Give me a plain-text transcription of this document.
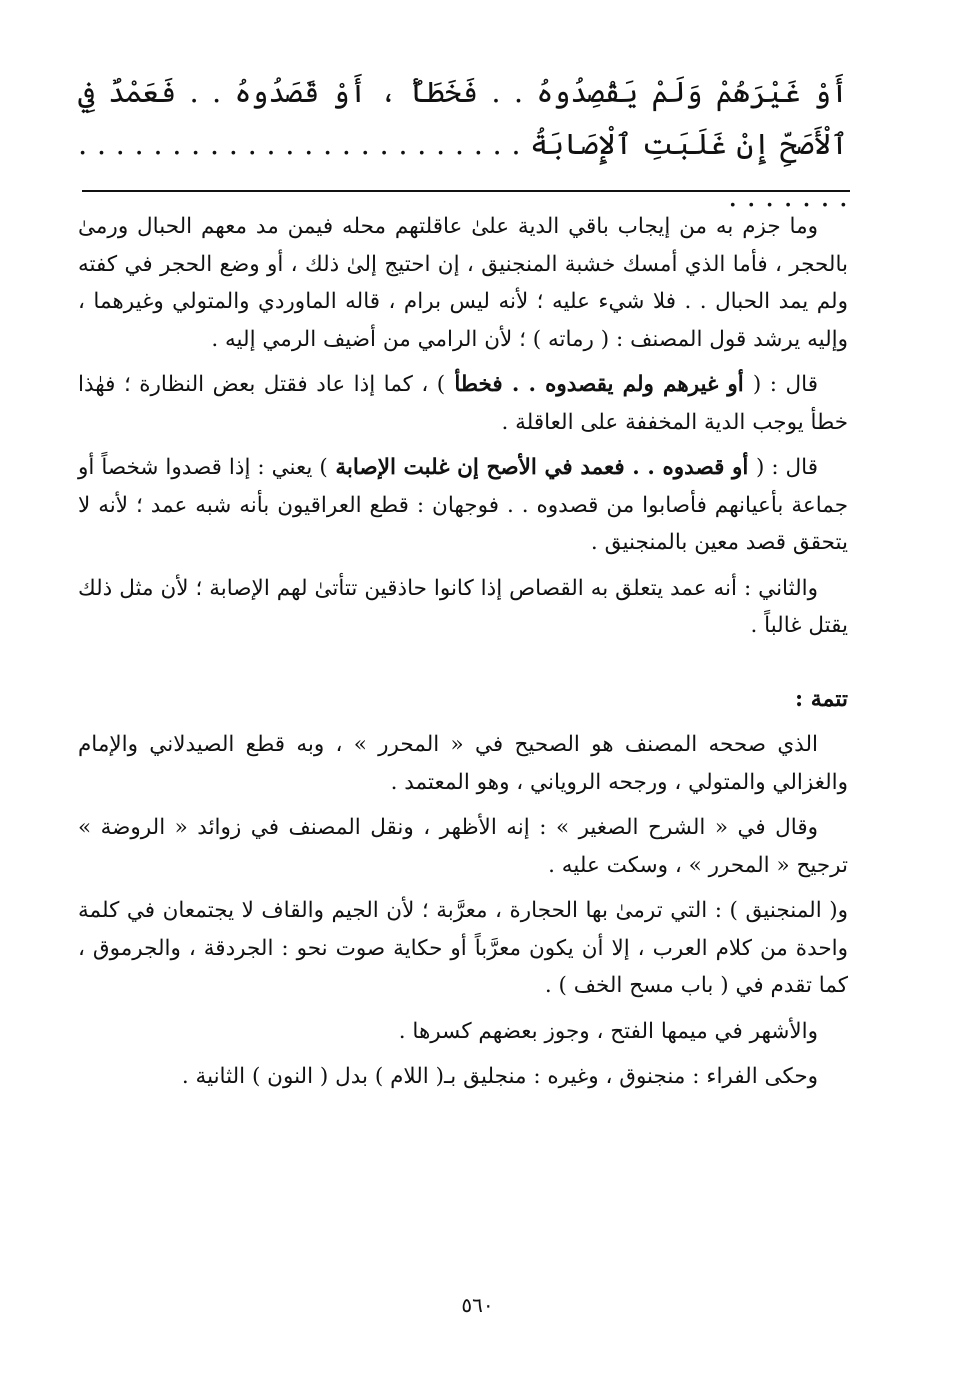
أَوْ غَيْرَهُمْ وَلَمْ يَقْصِدُوهُ . . فَخَطَأٌ ، أَوْ قَصَدُوهُ . . فَعَمْدٌ فِي ٱلْأَصَحِّ إِنْ غَلَبَتِ ٱلْإِصَابَةُ . . . . . . . . . . . . . . . . . . . . . . . . . . . . . . .

وما جزم به من إيجاب باقي الدية علىٰ عاقلتهم محله فيمن مد معهم الحبال ورمىٰ بالحجر ، فأما الذي أمسك خشبة المنجنيق ، إن احتيج إلىٰ ذلك ، أو وضع الحجر في كفته ولم يمد الحبال . . فلا شيء عليه ؛ لأنه ليس برام ، قاله الماوردي والمتولي وغيرهما ، وإليه يرشد قول المصنف : ( رماته ) ؛ لأن الرامي من أضيف الرمي إليه .

قال : ( أو غيرهم ولم يقصدوه . . فخطأ ) ، كما إذا عاد فقتل بعض النظارة ؛ فهٰذا خطأ يوجب الدية المخففة على العاقلة .

قال : ( أو قصدوه . . فعمد في الأصح إن غلبت الإصابة ) يعني : إذا قصدوا شخصاً أو جماعة بأعيانهم فأصابوا من قصدوه . . فوجهان : قطع العراقيون بأنه شبه عمد ؛ لأنه لا يتحقق قصد معين بالمنجنيق .

والثاني : أنه عمد يتعلق به القصاص إذا كانوا حاذقين تتأتىٰ لهم الإصابة ؛ لأن مثل ذلك يقتل غالباً .

تتمة :

الذي صححه المصنف هو الصحيح في « المحرر » ، وبه قطع الصيدلاني والإمام والغزالي والمتولي ، ورجحه الروياني ، وهو المعتمد .

وقال في « الشرح الصغير » : إنه الأظهر ، ونقل المصنف في زوائد « الروضة » ترجيح « المحرر » ، وسكت عليه .

و( المنجنيق ) : التي ترمىٰ بها الحجارة ، معرَّبة ؛ لأن الجيم والقاف لا يجتمعان في كلمة واحدة من كلام العرب ، إلا أن يكون معرَّباً أو حكاية صوت نحو : الجردقة ، والجرموق ، كما تقدم في ( باب مسح الخف ) .

والأشهر في ميمها الفتح ، وجوز بعضهم كسرها .

وحكى الفراء : منجنوق ، وغيره : منجليق بـ( اللام ) بدل ( النون ) الثانية .

٥٦٠
